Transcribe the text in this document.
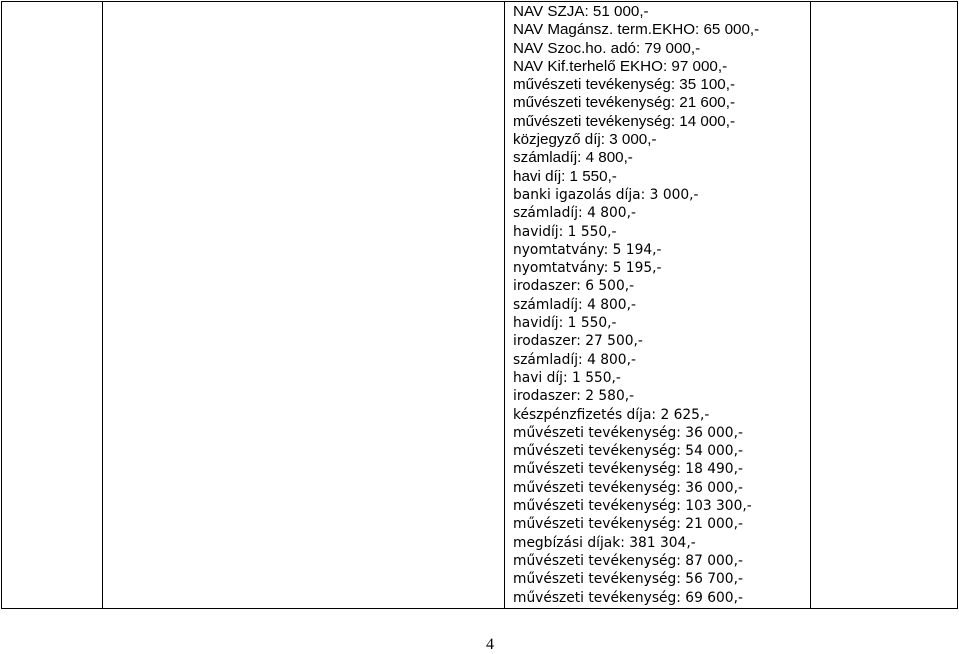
NAV SZJA: 51 000,-
NAV Magánsz. term.EKHO: 65 000,-
NAV Szoc.ho. adó: 79 000,-
NAV Kif.terhelő EKHO: 97 000,-
művészeti tevékenység: 35 100,-
művészeti tevékenység: 21 600,-
művészeti tevékenység: 14 000,-
közjegyző díj: 3 000,-
számladíj: 4 800,-
havi díj: 1 550,-
banki igazolás díja: 3 000,-
számladíj: 4 800,-
havidíj: 1 550,-
nyomtatvány: 5 194,-
nyomtatvány: 5 195,-
irodaszer: 6 500,-
számladíj: 4 800,-
havidíj: 1 550,-
irodaszer: 27 500,-
számladíj: 4 800,-
havi díj: 1 550,-
irodaszer: 2 580,-
készpénzfizetés díja: 2 625,-
művészeti tevékenység: 36 000,-
művészeti tevékenység: 54 000,-
művészeti tevékenység: 18 490,-
művészeti tevékenység: 36 000,-
művészeti tevékenység: 103 300,-
művészeti tevékenység: 21 000,-
megbízási díjak: 381 304,-
művészeti tevékenység: 87 000,-
művészeti tevékenység: 56 700,-
művészeti tevékenység: 69 600,-
4
